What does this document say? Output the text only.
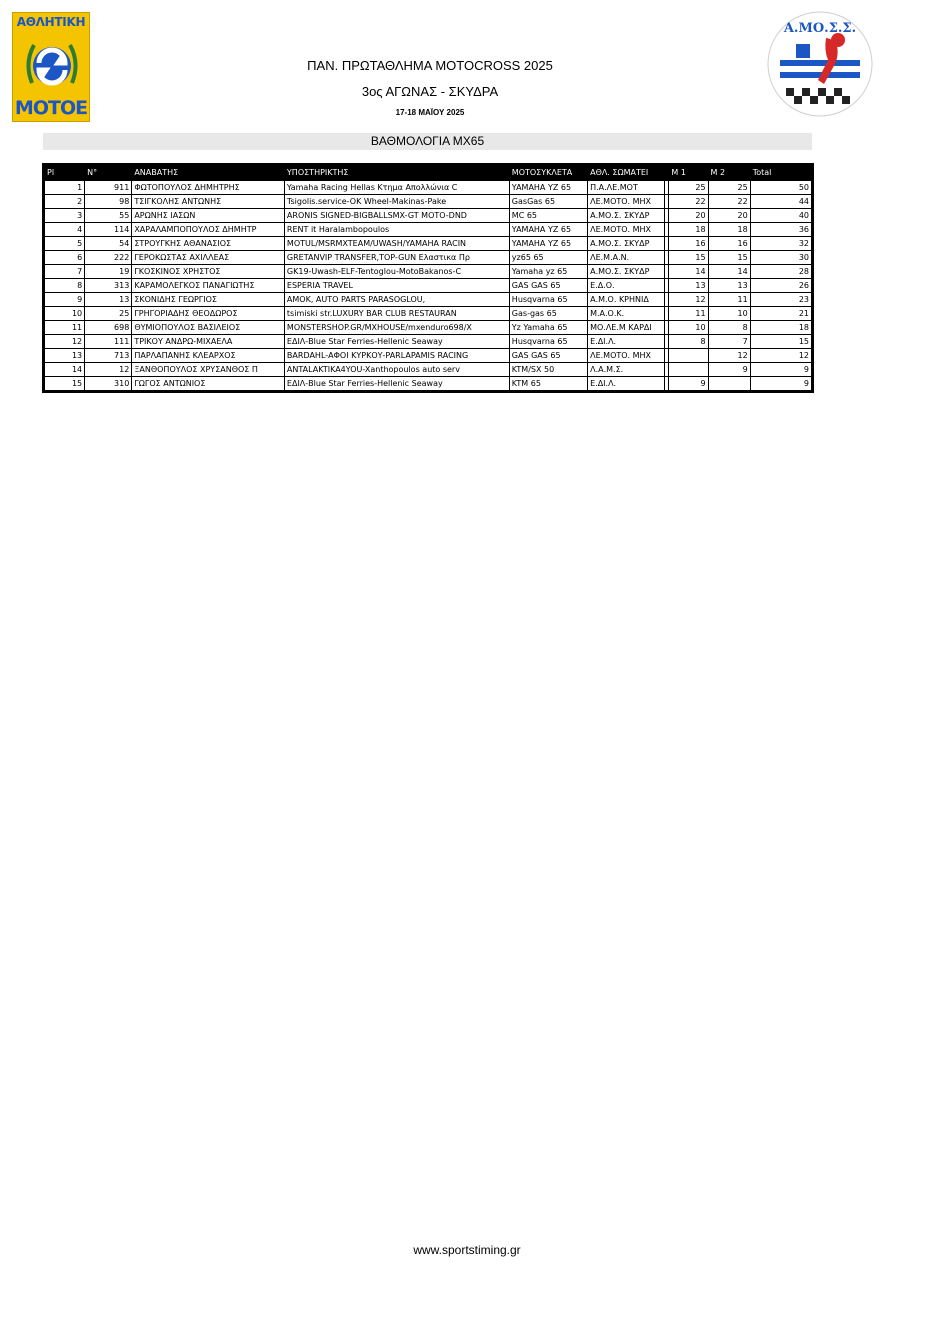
ΑΘΛΗΤΙΚΗ
ΜΟΤΟΕ
Α.ΜΟ.Σ.Σ.
ΠΑΝ. ΠΡΩΤΑΘΛΗΜΑ MOTOCROSS 2025
3ος ΑΓΩΝΑΣ - ΣΚΥΔΡΑ
17-18 ΜΑΪΟΥ 2025
ΒΑΘΜΟΛΟΓΙΑ MX65
Pl	N°	ΑΝΑΒΑΤΗΣ	ΥΠΟΣΤΗΡΙΚΤΗΣ	ΜΟΤΟΣΥΚΛΕΤΑ	ΑΘΛ. ΣΩΜΑΤΕΙ		M 1	M 2	Total
1	911	ΦΩΤΟΠΟΥΛΟΣ ΔΗΜΗΤΡΗΣ	Yamaha Racing Hellas Κτημα Απολλώνια C	YAMAHA YZ 65	Π.Α.ΛΕ.ΜΟΤ		25	25	50
2	98	ΤΣΙΓΚΟΛΗΣ ΑΝΤΩΝΗΣ	Tsigolis.service-OK Wheel-Makinas-Pake	GasGas 65	ΛΕ.ΜΟΤΟ. ΜΗΧ		22	22	44
3	55	ΑΡΩΝΗΣ ΙΑΣΩΝ	ARONIS SIGNED-BIGBALLSMX-GT MOTO-DND	MC 65	Α.ΜΟ.Σ. ΣΚΥΔΡ		20	20	40
4	114	ΧΑΡΑΛΑΜΠΟΠΟΥΛΟΣ ΔΗΜΗΤΡ	RENT it Haralambopoulos	YAMAHA YZ 65	ΛΕ.ΜΟΤΟ. ΜΗΧ		18	18	36
5	54	ΣΤΡΟΥΓΚΗΣ ΑΘΑΝΑΣΙΟΣ	MOTUL/MSRMXTEAM/UWASH/YAMAHA RACIN	YAMAHA YZ 65	Α.ΜΟ.Σ. ΣΚΥΔΡ		16	16	32
6	222	ΓΕΡΟΚΩΣΤΑΣ ΑΧΙΛΛΕΑΣ	GRETANVIP TRANSFER,TOP-GUN Ελαστικα Πρ	yz65 65	ΛΕ.Μ.Α.Ν.		15	15	30
7	19	ΓΚΟΣΚΙΝΟΣ ΧΡΗΣΤΟΣ	GK19-Uwash-ELF-Tentoglou-MotoBakanos-C	Yamaha yz 65	Α.ΜΟ.Σ. ΣΚΥΔΡ		14	14	28
8	313	ΚΑΡΑΜΟΛΕΓΚΟΣ ΠΑΝΑΓΙΩΤΗΣ	ESPERIA TRAVEL	GAS GAS 65	Ε.Δ.Ο.		13	13	26
9	13	ΣΚΟΝΙΔΗΣ ΓΕΩΡΓΙΟΣ	AMOK, AUTO PARTS PARASOGLOU,	Husqvarna 65	Α.Μ.Ο. ΚΡΗΝΙΔ		12	11	23
10	25	ΓΡΗΓΟΡΙΑΔΗΣ ΘΕΟΔΩΡΟΣ	tsimiski str.LUXURY BAR CLUB RESTAURAN	Gas-gas 65	Μ.Α.Ο.Κ.		11	10	21
11	698	ΘΥΜΙΟΠΟΥΛΟΣ ΒΑΣΙΛΕΙΟΣ	MONSTERSHOP.GR/MXHOUSE/mxenduro698/X	Yz Yamaha 65	ΜΟ.ΛΕ.Μ ΚΑΡΔΙ		10	8	18
12	111	ΤΡΙΚΟΥ ΑΝΔΡΩ-ΜΙΧΑΕΛΑ	ΕΔΙΛ-Blue Star Ferries-Hellenic Seaway	Husqvarna 65	Ε.ΔΙ.Λ.		8	7	15
13	713	ΠΑΡΛΑΠΑΝΗΣ ΚΛΕΑΡΧΟΣ	BARDAHL-ΑΦΟΙ ΚΥΡΚΟΥ-PARLAPAMIS RACING	GAS GAS 65	ΛΕ.ΜΟΤΟ. ΜΗΧ			12	12
14	12	ΞΑΝΘΟΠΟΥΛΟΣ ΧΡΥΣΑΝΘΟΣ Π	ANTALAKTIKA4YOU-Xanthopoulos auto serv	KTM/SX 50	Λ.Α.Μ.Σ.			9	9
15	310	ΓΩΓΟΣ ΑΝΤΩΝΙΟΣ	ΕΔΙΛ-Blue Star Ferries-Hellenic Seaway	KTM 65	Ε.ΔΙ.Λ.		9		9
www.sportstiming.gr
